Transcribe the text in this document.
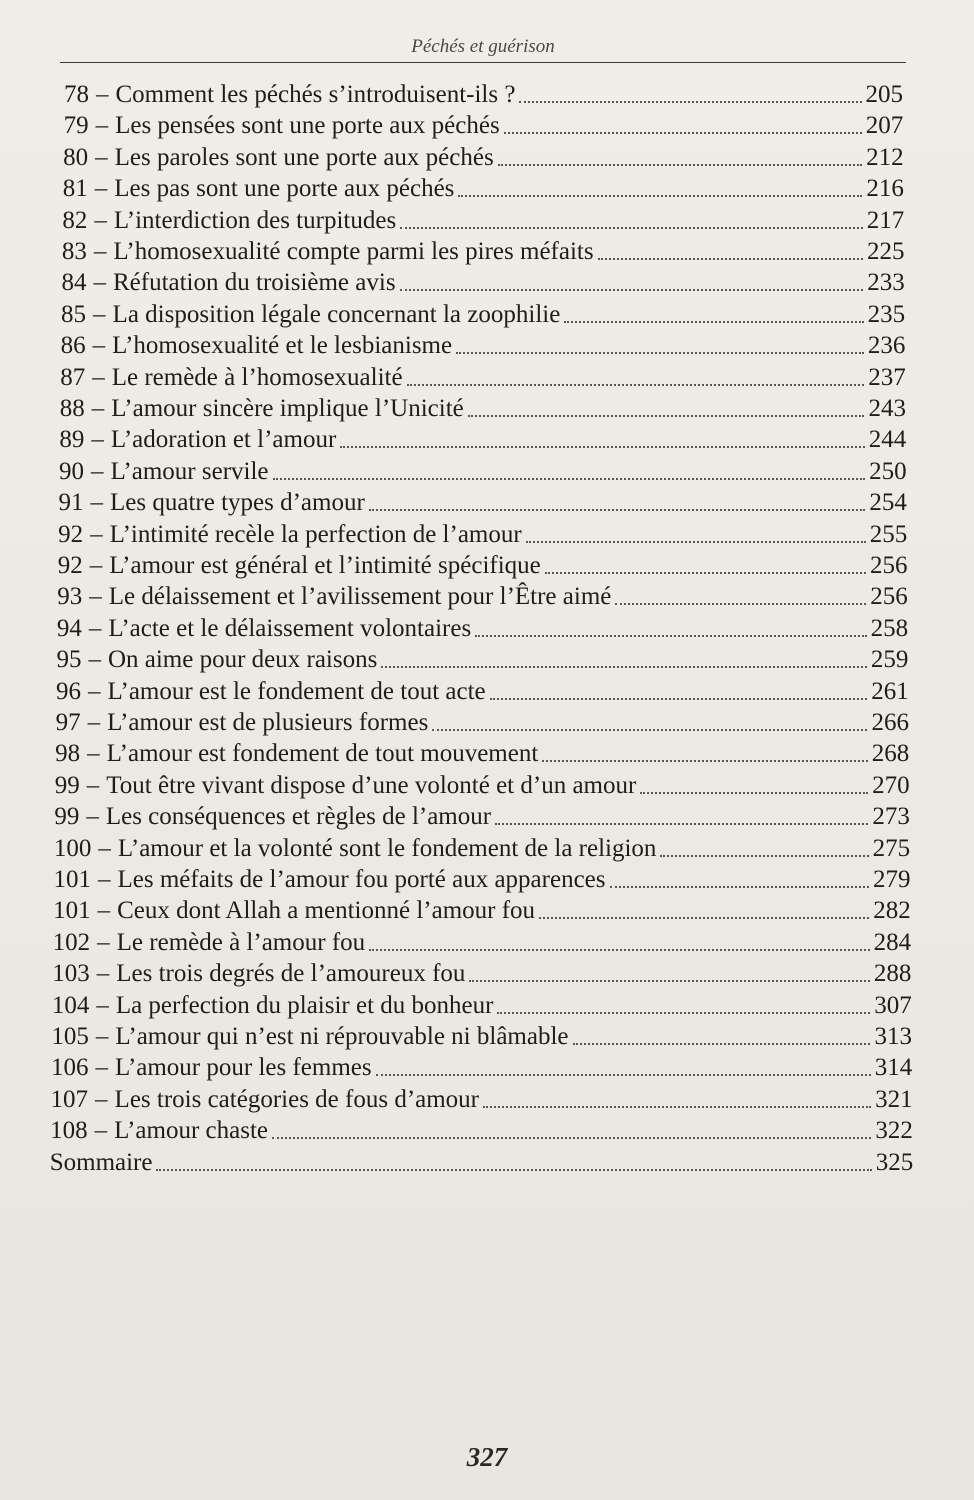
Péchés et guérison
78 – Comment les péchés s’introduisent-ils ?	205
79 – Les pensées sont une porte aux péchés	207
80 – Les paroles sont une porte aux péchés	212
81 – Les pas sont une porte aux péchés	216
82 – L’interdiction des turpitudes	217
83 – L’homosexualité compte parmi les pires méfaits	225
84 – Réfutation du troisième avis	233
85 – La disposition légale concernant la zoophilie	235
86 – L’homosexualité et le lesbianisme	236
87 – Le remède à l’homosexualité	237
88 – L’amour sincère implique l’Unicité	243
89 – L’adoration et l’amour	244
90 – L’amour servile	250
91 – Les quatre types d’amour	254
92 – L’intimité recèle la perfection de l’amour	255
92 – L’amour est général et l’intimité spécifique	256
93 – Le délaissement et l’avilissement pour l’Être aimé	256
94 – L’acte et le délaissement volontaires	258
95 – On aime pour deux raisons	259
96 – L’amour est le fondement de tout acte	261
97 – L’amour est de plusieurs formes	266
98 – L’amour est fondement de tout mouvement	268
99 – Tout être vivant dispose d’une volonté et d’un amour	270
99 – Les conséquences et règles de l’amour	273
100 – L’amour et la volonté sont le fondement de la religion	275
101 – Les méfaits de l’amour fou porté aux apparences	279
101 – Ceux dont Allah a mentionné l’amour fou	282
102 – Le remède à l’amour fou	284
103 – Les trois degrés de l’amoureux fou	288
104 – La perfection du plaisir et du bonheur	307
105 – L’amour qui n’est ni réprouvable ni blâmable	313
106 – L’amour pour les femmes	314
107 – Les trois catégories de fous d’amour	321
108 – L’amour chaste	322
Sommaire	325
327
